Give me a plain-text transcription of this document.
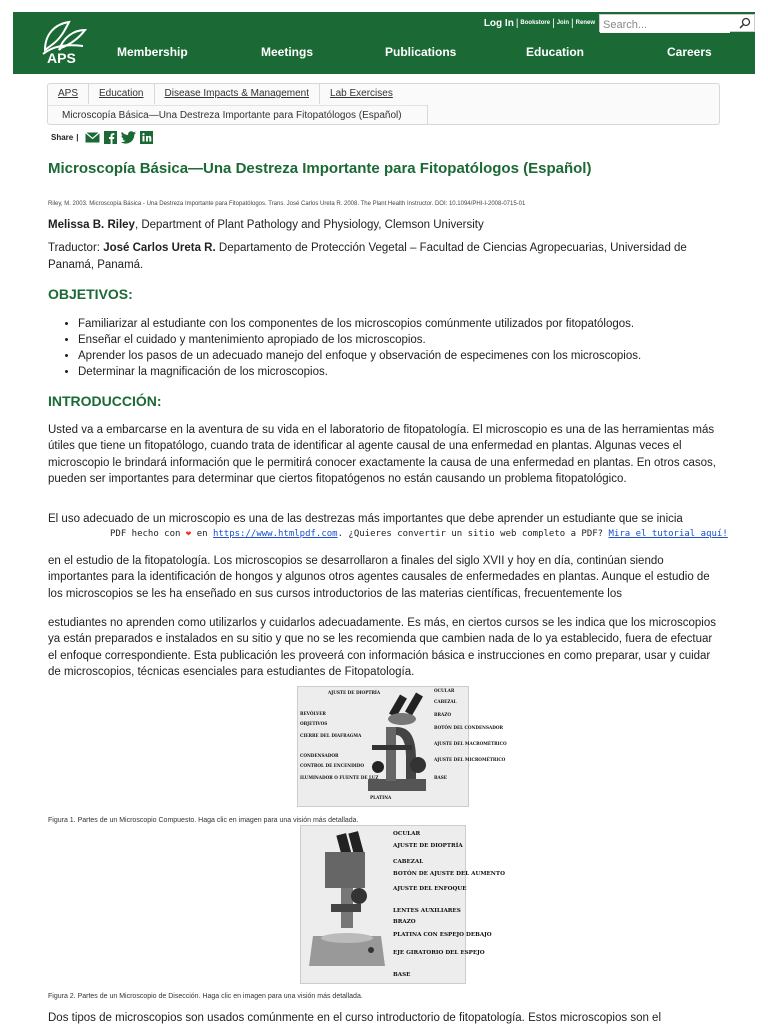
APS
Log In | Bookstore | Join | Renew
Search...
Membership	Meetings	Publications	Education	Careers
APS	Education	Disease Impacts & Management	Lab Exercises
Microscopía Básica—Una Destreza Importante para Fitopatólogos (Español)
Share |
Microscopía Básica—Una Destreza Importante para Fitopatólogos (Español)
Riley, M. 2003. Microscopía Básica - Una Destreza Importante para Fitopatólogos. Trans. José Carlos Ureta R. 2008. The Plant Health Instructor. DOI: 10.1094/PHI-I-2008-0715-01
Melissa B. Riley, Department of Plant Pathology and Physiology, Clemson University
Traductor: José Carlos Ureta R. Departamento de Protección Vegetal – Facultad de Ciencias Agropecuarias, Universidad de Panamá, Panamá.
OBJETIVOS:
• Familiarizar al estudiante con los componentes de los microscopios comúnmente utilizados por fitopatólogos.
• Enseñar el cuidado y mantenimiento apropiado de los microscopios.
• Aprender los pasos de un adecuado manejo del enfoque y observación de especimenes con los microscopios.
• Determinar la magnificación de los microscopios.
INTRODUCCIÓN:

Usted va a embarcarse en la aventura de su vida en el laboratorio de fitopatología. El microscopio es una de las herramientas más útiles que tiene un fitopatólogo, cuando trata de identificar al agente causal de una enfermedad en plantas. Algunas veces el microscopio le brindará información que le permitirá conocer exactamente la causa de una enfermedad en plantas. En otros casos, pueden ser importantes para determinar que ciertos fitopatógenos no están causando un problema fitopatológico.

El uso adecuado de un microscopio es una de las destrezas más importantes que debe aprender un estudiante que se inicia

PDF hecho con ❤ en https://www.htmlpdf.com. ¿Quieres convertir un sitio web completo a PDF? Mira el tutorial aquí!

en el estudio de la fitopatología. Los microscopios se desarrollaron a finales del siglo XVII y hoy en día, continúan siendo importantes para la identificación de hongos y algunos otros agentes causales de enfermedades en plantas. Aunque el estudio de los microscopios se les ha enseñado en sus cursos introductorios de las materias científicas, frecuentemente los

estudiantes no aprenden como utilizarlos y cuidarlos adecuadamente. Es más, en ciertos cursos se les indica que los microscopios ya están preparados e instalados en su sitio y que no se les recomienda que cambien nada de lo ya establecido, fuera de efectuar el enfoque correspondiente. Esta publicación les proveerá con información básica e instrucciones en como preparar, usar y cuidar de microscopios, técnicas esenciales para estudiantes de Fitopatología.

AJUSTE DE DIOPTRÍA	OCULAR
CABEZAL
REVÓLVER	BRAZO
OBJETIVOS
BOTÓN DEL CONDENSADOR
CIERRE DEL DIAFRAGMA
AJUSTE DEL MACROMÉTRICO
CONDENSADOR
CONTROL DE ENCENDIDO
AJUSTE DEL MICROMÉTRICO
ILUMINADOR O FUENTE DE LUZ	BASE
PLATINA
Figura 1. Partes de un Microscopio Compuesto. Haga clic en imagen para una visión más detallada.
OCULAR
AJUSTE DE DIOPTRÍA
CABEZAL
BOTÓN DE AJUSTE DEL AUMENTO
AJUSTE DEL ENFOQUE
LENTES AUXILIARES
BRAZO
PLATINA CON ESPEJO DEBAJO
EJE GIRATORIO DEL ESPEJO
BASE
Figura 2. Partes de un Microscopio de Disección. Haga clic en imagen para una visión más detallada.

Dos tipos de microscopios son usados comúnmente en el curso introductorio de fitopatología. Estos microscopios son el
